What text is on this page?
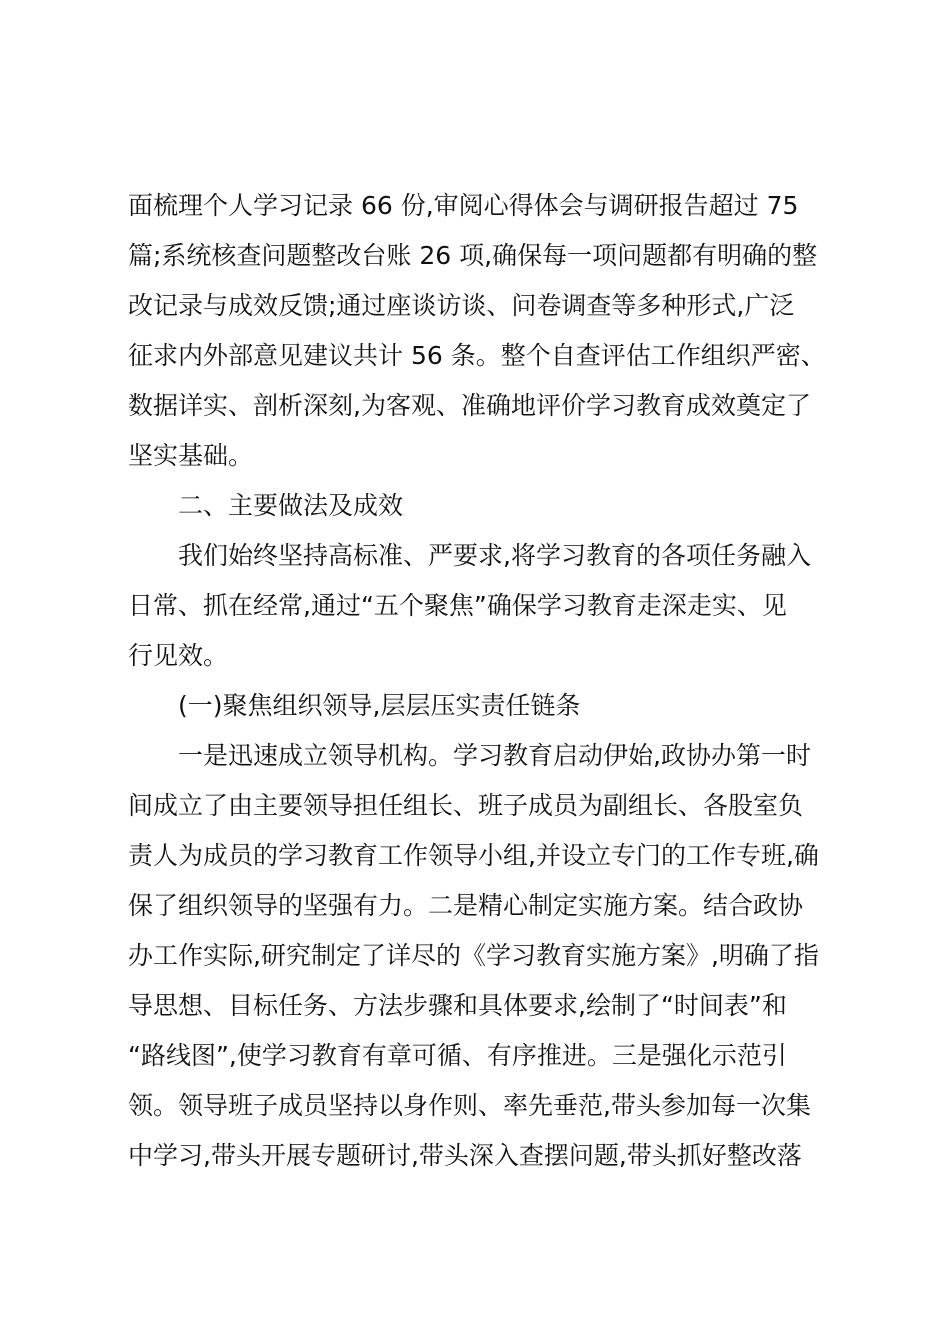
面梳理个人学习记录 66 份,审阅心得体会与调研报告超过 75
篇;系统核查问题整改台账 26 项,确保每一项问题都有明确的整
改记录与成效反馈;通过座谈访谈、问卷调查等多种形式,广泛
征求内外部意见建议共计 56 条。整个自查评估工作组织严密、
数据详实、剖析深刻,为客观、准确地评价学习教育成效奠定了
坚实基础。
二、主要做法及成效
我们始终坚持高标准、严要求,将学习教育的各项任务融入
日常、抓在经常,通过“五个聚焦”确保学习教育走深走实、见
行见效。
(一)聚焦组织领导,层层压实责任链条
一是迅速成立领导机构。学习教育启动伊始,政协办第一时
间成立了由主要领导担任组长、班子成员为副组长、各股室负
责人为成员的学习教育工作领导小组,并设立专门的工作专班,确
保了组织领导的坚强有力。二是精心制定实施方案。结合政协
办工作实际,研究制定了详尽的《学习教育实施方案》,明确了指
导思想、目标任务、方法步骤和具体要求,绘制了“时间表”和
“路线图”,使学习教育有章可循、有序推进。三是强化示范引
领。领导班子成员坚持以身作则、率先垂范,带头参加每一次集
中学习,带头开展专题研讨,带头深入查摆问题,带头抓好整改落
